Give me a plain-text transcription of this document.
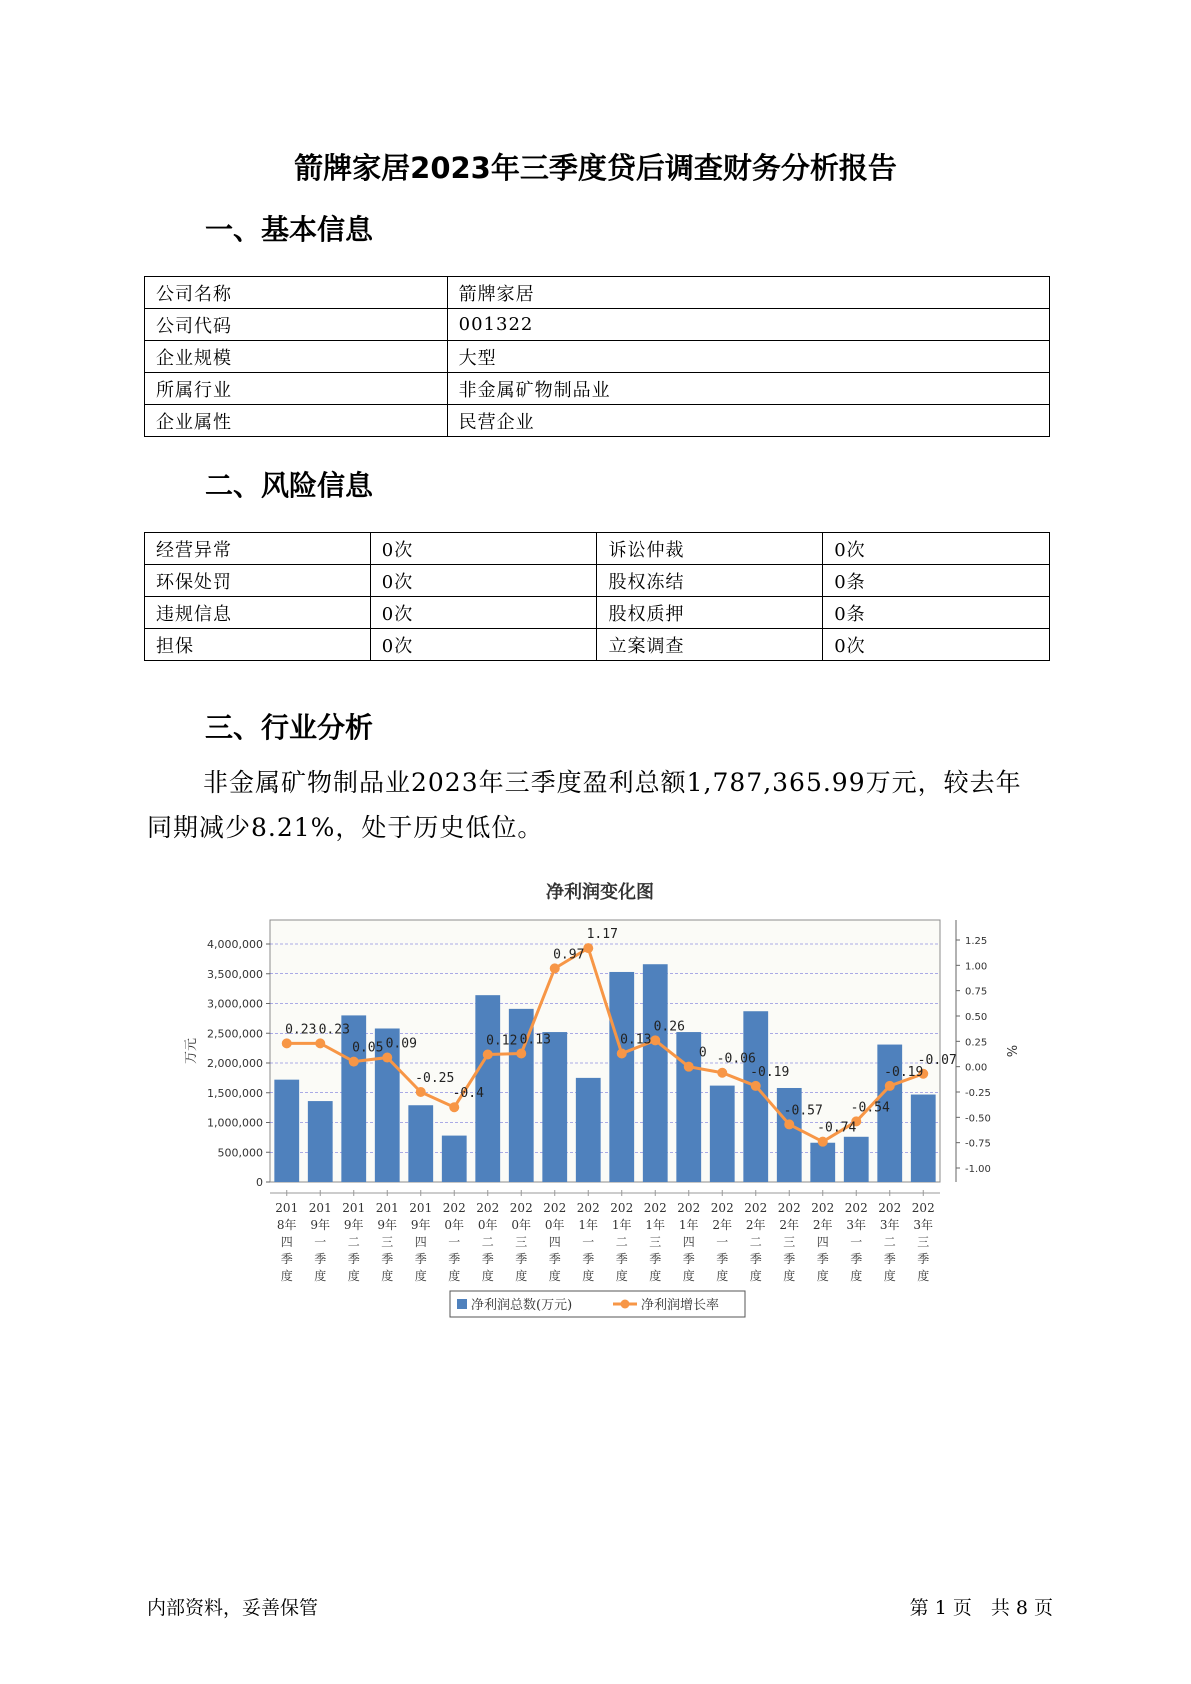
箭牌家居2023年三季度贷后调查财务分析报告
一、基本信息
公司名称	箭牌家居
公司代码	001322
企业规模	大型
所属行业	非金属矿物制品业
企业属性	民营企业
二、风险信息
经营异常	0次	诉讼仲裁	0次
环保处罚	0次	股权冻结	0条
违规信息	0次	股权质押	0条
担保	0次	立案调查	0次
三、行业分析
非金属矿物制品业2023年三季度盈利总额1,787,365.99万元，较去年同期减少8.21%，处于历史低位。
净利润变化图
0.23 0.23
0.05 0.09
-0.25
-0.4
0.12 0.13
0.97
1.17
0.13
0.26
0 -0.06
-0.19
-0.57
-0.74
-0.54
-0.19
-0.07
0
500,000
1,000,000
1,500,000
2,000,000
2,500,000
3,000,000
3,500,000
4,000,000
-1.00
-0.75
-0.50
-0.25
0.00
0.25
0.50
0.75
1.00
1.25
201
8年
四
季
度
201
9年
一
季
度
201
9年
二
季
度
201
9年
三
季
度
201
9年
四
季
度
202
0年
一
季
度
202
0年
二
季
度
202
0年
三
季
度
202
0年
四
季
度
202
1年
一
季
度
202
1年
二
季
度
202
1年
三
季
度
202
1年
四
季
度
202
2年
一
季
度
202
2年
二
季
度
202
2年
三
季
度
202
2年
四
季
度
202
3年
一
季
度
202
3年
二
季
度
202
3年
三
季
度
万元	%
净利润总数(万元)	净利润增长率
内部资料，妥善保管	第 1 页　共 8 页
